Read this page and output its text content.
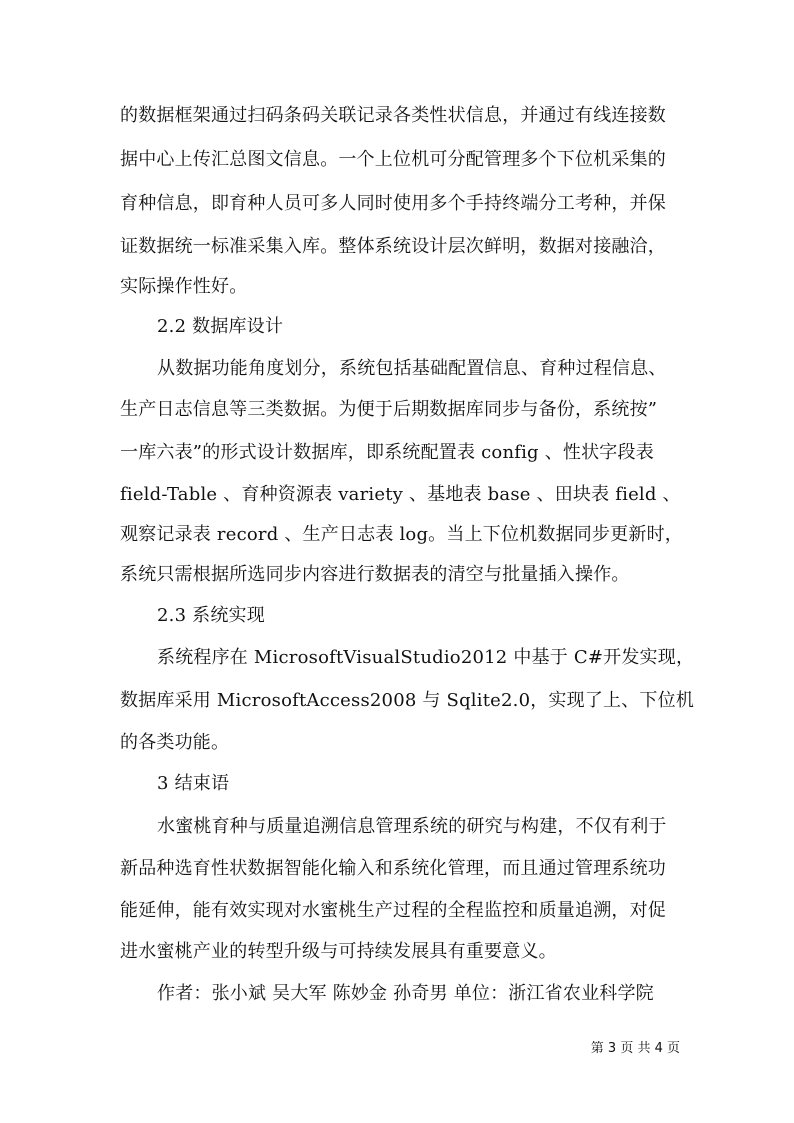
的数据框架通过扫码条码关联记录各类性状信息，并通过有线连接数
据中心上传汇总图文信息。一个上位机可分配管理多个下位机采集的
育种信息，即育种人员可多人同时使用多个手持终端分工考种，并保
证数据统一标准采集入库。整体系统设计层次鲜明，数据对接融洽，
实际操作性好。
2.2 数据库设计
从数据功能角度划分，系统包括基础配置信息、育种过程信息、
生产日志信息等三类数据。为便于后期数据库同步与备份，系统按”
一库六表”的形式设计数据库，即系统配置表 config 、性状字段表
field-Table 、育种资源表 variety 、基地表 base 、田块表 field 、
观察记录表 record 、生产日志表 log。当上下位机数据同步更新时，
系统只需根据所选同步内容进行数据表的清空与批量插入操作。
2.3 系统实现
系统程序在 MicrosoftVisualStudio2012 中基于 C#开发实现，
数据库采用 MicrosoftAccess2008 与 Sqlite2.0，实现了上、下位机
的各类功能。
3 结束语
水蜜桃育种与质量追溯信息管理系统的研究与构建，不仅有利于
新品种选育性状数据智能化输入和系统化管理，而且通过管理系统功
能延伸，能有效实现对水蜜桃生产过程的全程监控和质量追溯，对促
进水蜜桃产业的转型升级与可持续发展具有重要意义。
作者：张小斌 吴大军 陈妙金 孙奇男 单位：浙江省农业科学院
第 3 页 共 4 页
